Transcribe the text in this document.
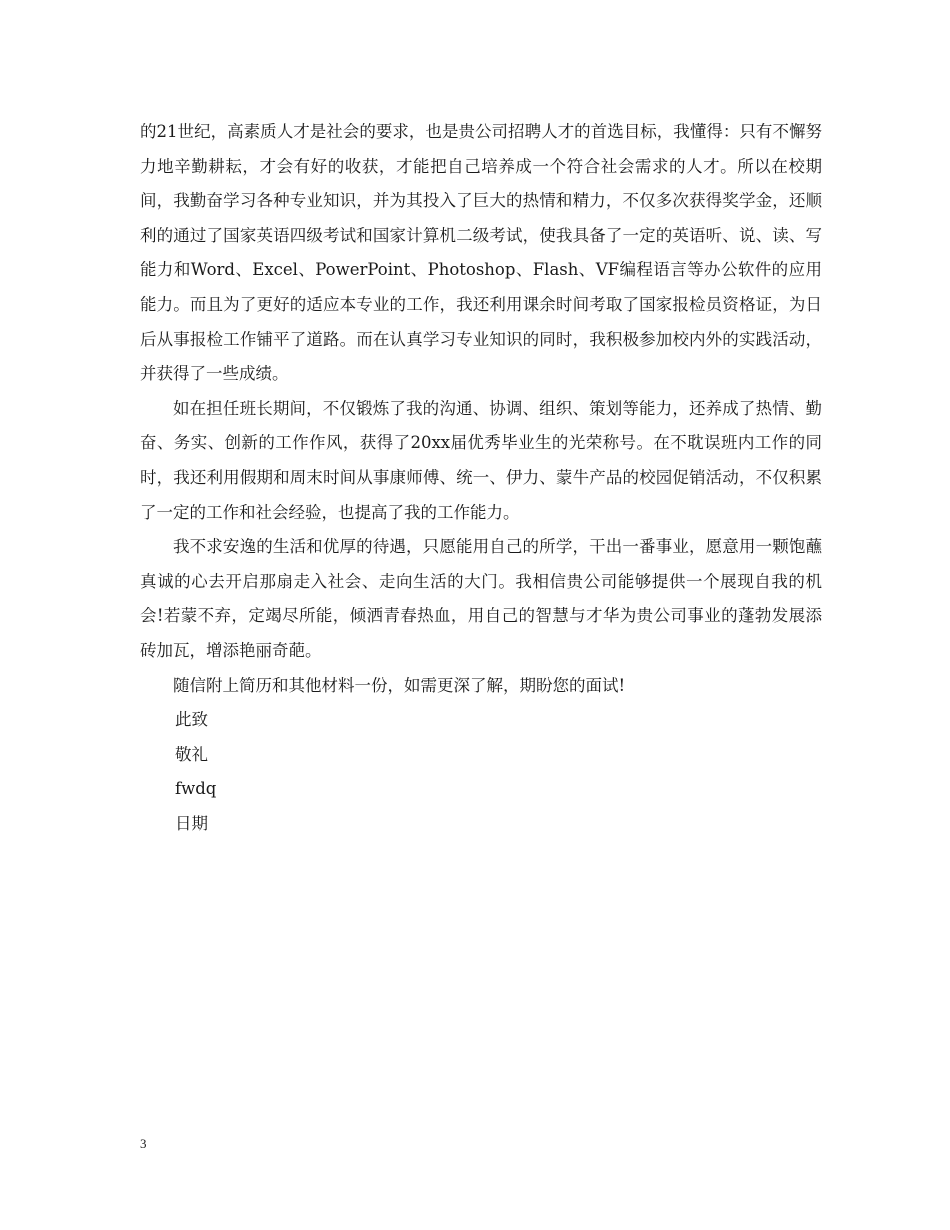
的21世纪，高素质人才是社会的要求，也是贵公司招聘人才的首选目标，我懂得：只有不懈努力地辛勤耕耘，才会有好的收获，才能把自己培养成一个符合社会需求的人才。所以在校期间，我勤奋学习各种专业知识，并为其投入了巨大的热情和精力，不仅多次获得奖学金，还顺利的通过了国家英语四级考试和国家计算机二级考试，使我具备了一定的英语听、说、读、写能力和Word、Excel、PowerPoint、Photoshop、Flash、VF编程语言等办公软件的应用能力。而且为了更好的适应本专业的工作，我还利用课余时间考取了国家报检员资格证，为日后从事报检工作铺平了道路。而在认真学习专业知识的同时，我积极参加校内外的实践活动，并获得了一些成绩。

如在担任班长期间，不仅锻炼了我的沟通、协调、组织、策划等能力，还养成了热情、勤奋、务实、创新的工作作风，获得了20xx届优秀毕业生的光荣称号。在不耽误班内工作的同时，我还利用假期和周末时间从事康师傅、统一、伊力、蒙牛产品的校园促销活动，不仅积累了一定的工作和社会经验，也提高了我的工作能力。

我不求安逸的生活和优厚的待遇，只愿能用自己的所学，干出一番事业，愿意用一颗饱蘸真诚的心去开启那扇走入社会、走向生活的大门。我相信贵公司能够提供一个展现自我的机会!若蒙不弃，定竭尽所能，倾洒青春热血，用自己的智慧与才华为贵公司事业的蓬勃发展添砖加瓦，增添艳丽奇葩。

随信附上简历和其他材料一份，如需更深了解，期盼您的面试!

此致

敬礼

fwdq

日期

3
